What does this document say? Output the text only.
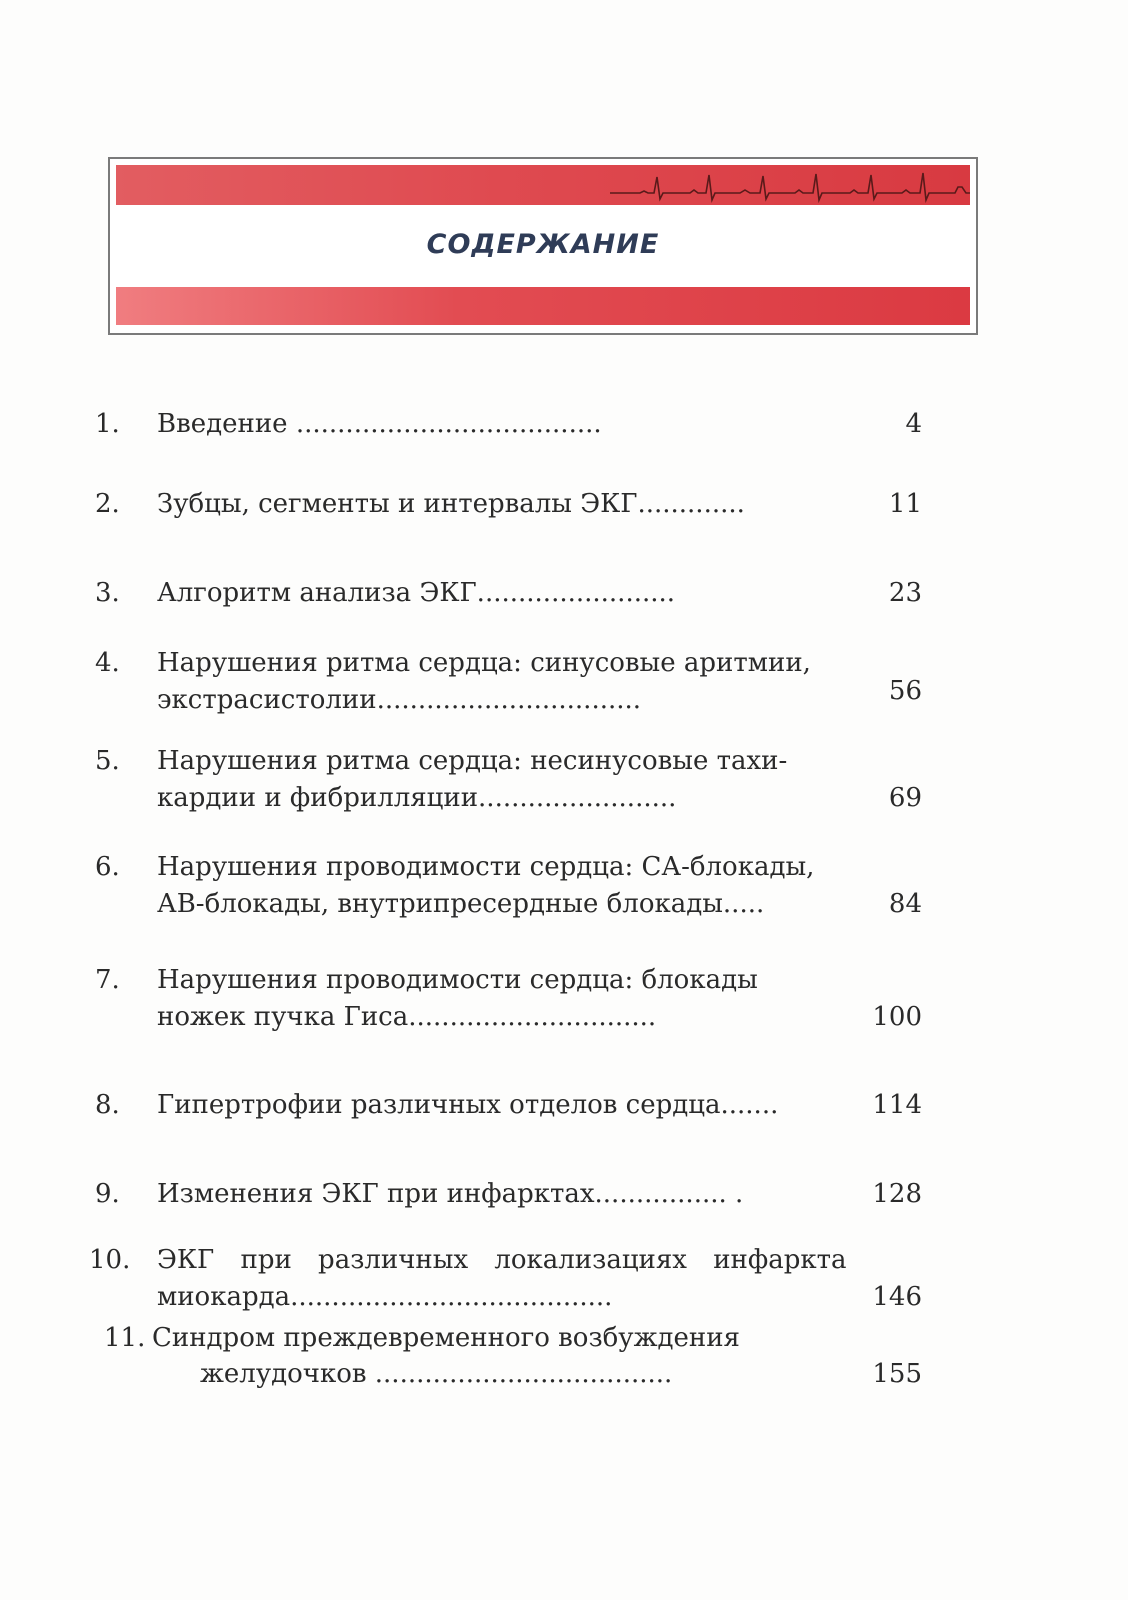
СОДЕРЖАНИЕ
1. Введение .....................................	4
2. Зубцы, сегменты и интервалы ЭКГ.............	11
3. Алгоритм анализа ЭКГ........................	23
4. Нарушения ритма сердца: синусовые аритмии,
экстрасистолии................................	56
5. Нарушения ритма сердца: несинусовые тахи-
кардии и фибрилляции........................	69
6. Нарушения проводимости сердца: СА-блокады,
АВ-блокады, внутрипресердные блокады.....	84
7. Нарушения проводимости сердца: блокады
ножек пучка Гиса..............................	100
8. Гипертрофии различных отделов сердца.......	114
9. Изменения ЭКГ при инфарктах................ .	128
10. ЭКГ при различных локализациях инфаркта
миокарда.......................................	146
11. Синдром преждевременного возбуждения
желудочков ....................................	155
